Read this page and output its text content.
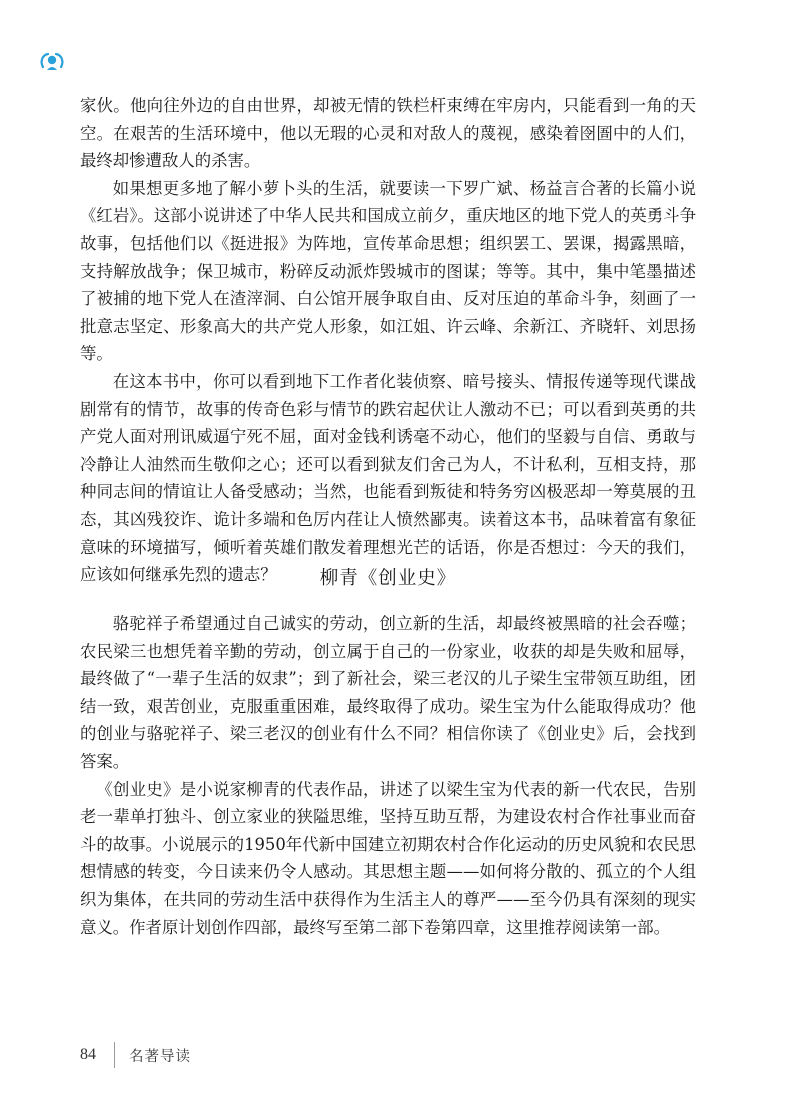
家伙。他向往外边的自由世界，却被无情的铁栏杆束缚在牢房内，只能看到一角的天空。在艰苦的生活环境中，他以无瑕的心灵和对敌人的蔑视，感染着囹圄中的人们，最终却惨遭敌人的杀害。

如果想更多地了解小萝卜头的生活，就要读一下罗广斌、杨益言合著的长篇小说《红岩》。这部小说讲述了中华人民共和国成立前夕，重庆地区的地下党人的英勇斗争故事，包括他们以《挺进报》为阵地，宣传革命思想；组织罢工、罢课，揭露黑暗，支持解放战争；保卫城市，粉碎反动派炸毁城市的图谋；等等。其中，集中笔墨描述了被捕的地下党人在渣滓洞、白公馆开展争取自由、反对压迫的革命斗争，刻画了一批意志坚定、形象高大的共产党人形象，如江姐、许云峰、余新江、齐晓轩、刘思扬等。

在这本书中，你可以看到地下工作者化装侦察、暗号接头、情报传递等现代谍战剧常有的情节，故事的传奇色彩与情节的跌宕起伏让人激动不已；可以看到英勇的共产党人面对刑讯威逼宁死不屈，面对金钱利诱毫不动心，他们的坚毅与自信、勇敢与冷静让人油然而生敬仰之心；还可以看到狱友们舍己为人，不计私利，互相支持，那种同志间的情谊让人备受感动；当然，也能看到叛徒和特务穷凶极恶却一筹莫展的丑态，其凶残狡诈、诡计多端和色厉内荏让人愤然鄙夷。读着这本书，品味着富有象征意味的环境描写，倾听着英雄们散发着理想光芒的话语，你是否想过：今天的我们，应该如何继承先烈的遗志？	柳青《创业史》

骆驼祥子希望通过自己诚实的劳动，创立新的生活，却最终被黑暗的社会吞噬；农民梁三也想凭着辛勤的劳动，创立属于自己的一份家业，收获的却是失败和屈辱，最终做了“一辈子生活的奴隶”；到了新社会，梁三老汉的儿子梁生宝带领互助组，团结一致，艰苦创业，克服重重困难，最终取得了成功。梁生宝为什么能取得成功？他的创业与骆驼祥子、梁三老汉的创业有什么不同？相信你读了《创业史》后，会找到答案。

《创业史》是小说家柳青的代表作品，讲述了以梁生宝为代表的新一代农民，告别老一辈单打独斗、创立家业的狭隘思维，坚持互助互帮，为建设农村合作社事业而奋斗的故事。小说展示的1950年代新中国建立初期农村合作化运动的历史风貌和农民思想情感的转变，今日读来仍令人感动。其思想主题——如何将分散的、孤立的个人组织为集体，在共同的劳动生活中获得作为生活主人的尊严——至今仍具有深刻的现实意义。作者原计划创作四部，最终写至第二部下卷第四章，这里推荐阅读第一部。

84 名著导读
